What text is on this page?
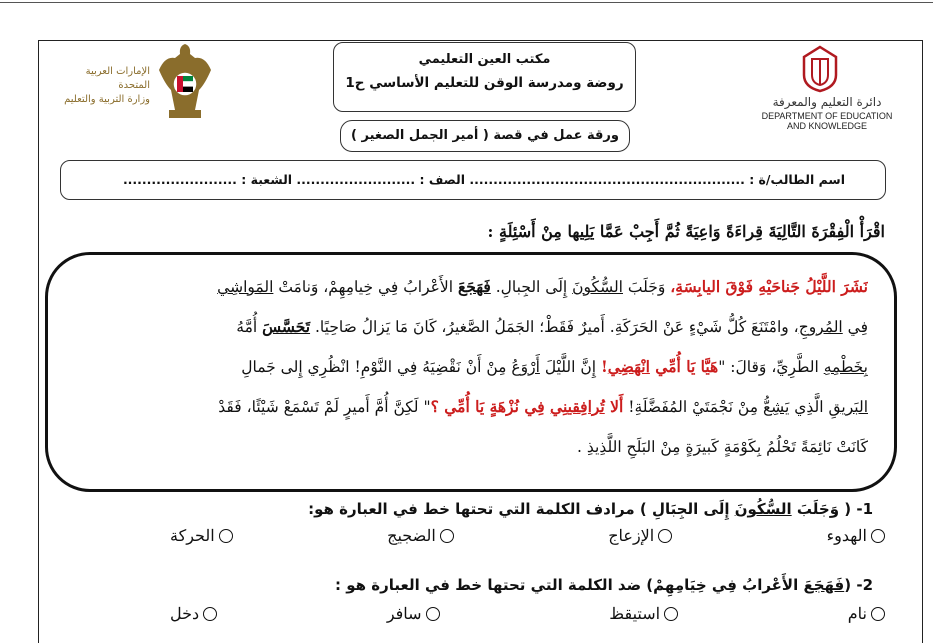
دائرة التعليم والمعرفة
DEPARTMENT OF EDUCATION AND KNOWLEDGE
الإمارات العربية المتحدة
وزارة التربية والتعليم
مكتب العين التعليمي
روضة ومدرسة الوقن للتعليم الأساسي ح1
ورقة عمل في قصة ( أمير الجمل الصغير )
اسم الطالب/ة : .......................................................... الصف : ......................... الشعبة : ........................
اقْرَأْ الْفِقْرَةَ التَّالِيَةَ قِراءَةً وَاعِيَةً ثُمَّ أَجِبْ عَمَّا يَلِيها مِنْ أَسْئِلَةٍ :
نَشَرَ اللَّيْلُ جَناحَيْهِ فَوْقَ اليابِسَةِ، وَجَلَبَ السُّكُونَ إِلَى الجِبالِ. فَهَجَعَ الأَعْرابُ فِي خِيامِهِمْ، وَنامَتْ المَواشِي
فِي المُروجِ، وامْتَنَعَ كُلُّ شَيْءٍ عَنْ الحَرَكَةِ. أَميرٌ فَقَطْ؛ الجَمَلُ الصَّغيرُ، كَانَ مَا يَزالُ صَاحِيًا. تَحَسَّسَ أُمَّهُ
بِخَطْمِهِ الطَّرِيِّ، وَقالَ: "هَيَّا يَا أُمِّي انْهَضِي! إِنَّ اللَّيْلَ أَرْوَعُ مِنْ أَنْ نَقْضِيَهُ فِي النَّوْمِ! انْظُرِي إِلى جَمالِ
البَريقِ الَّذِي يَشِعُّ مِنْ نَجْمَتَيْ المُفَضَّلَةِ! أَلا تُرافِقينِي فِي نُزْهَةٍ يَا أُمِّي ؟" لَكِنَّ أُمَّ أَميرٍ لَمْ تَسْمَعْ شَيْئًا، فَقَدْ
كَانَتْ نَائِمَةً تَحْلُمُ بِكَوْمَةٍ كَبيرَةٍ مِنْ البَلَحِ اللَّذِيذِ .
1- ( وَجَلَبَ السُّكُونَ إِلَى الجِبَالِ ) مرادف الكلمة التي تحتها خط في العبارة هو:
الهدوء
الإزعاج
الضجيج
الحركة
2- (فَهَجَعَ الأَعْرابُ فِي خِيَامِهِمْ) ضد الكلمة التي تحتها خط في العبارة هو :
نام
استيقظ
سافر
دخل
